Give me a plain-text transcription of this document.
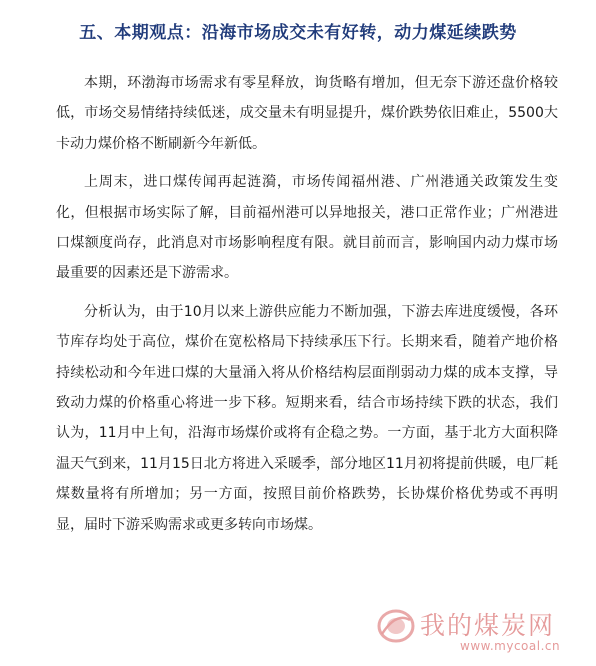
五、本期观点：沿海市场成交未有好转，动力煤延续跌势

本期，环渤海市场需求有零星释放，询货略有增加，但无奈下游还盘价格较低，市场交易情绪持续低迷，成交量未有明显提升，煤价跌势依旧难止，5500大卡动力煤价格不断刷新今年新低。

上周末，进口煤传闻再起涟漪，市场传闻福州港、广州港通关政策发生变化，但根据市场实际了解，目前福州港可以异地报关，港口正常作业；广州港进口煤额度尚存，此消息对市场影响程度有限。就目前而言，影响国内动力煤市场最重要的因素还是下游需求。

分析认为，由于10月以来上游供应能力不断加强，下游去库进度缓慢，各环节库存均处于高位，煤价在宽松格局下持续承压下行。长期来看，随着产地价格持续松动和今年进口煤的大量涌入将从价格结构层面削弱动力煤的成本支撑，导致动力煤的价格重心将进一步下移。短期来看，结合市场持续下跌的状态，我们认为，11月中上旬，沿海市场煤价或将有企稳之势。一方面，基于北方大面积降温天气到来，11月15日北方将进入采暖季，部分地区11月初将提前供暖，电厂耗煤数量将有所增加；另一方面，按照目前价格跌势，长协煤价格优势或不再明显，届时下游采购需求或更多转向市场煤。

我的煤炭网
www.mycoal.cn
